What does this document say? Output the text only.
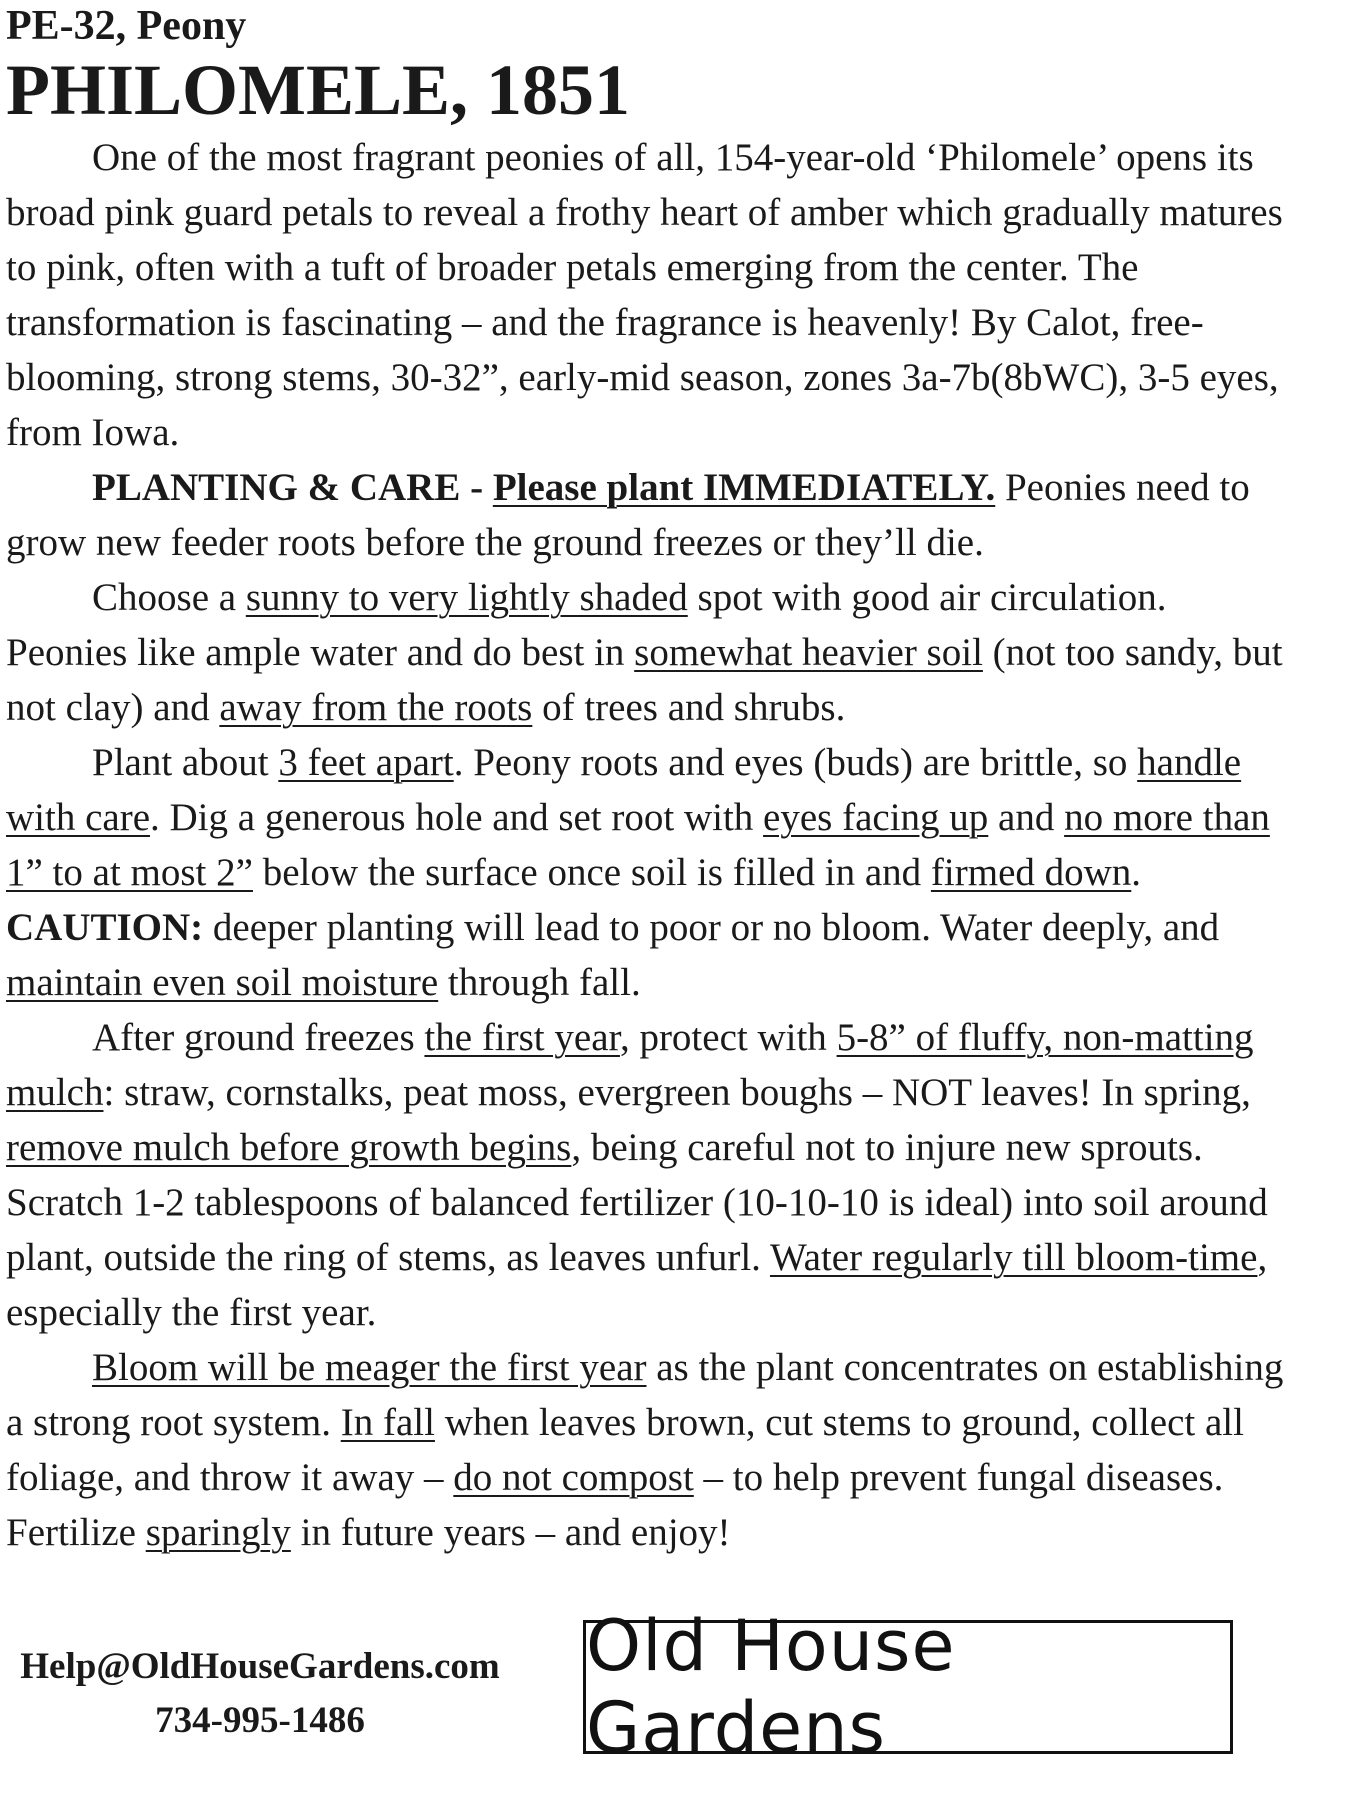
PE-32, Peony
PHILOMELE, 1851

One of the most fragrant peonies of all, 154-year-old ‘Philomele’ opens its broad pink guard petals to reveal a frothy heart of amber which gradually matures to pink, often with a tuft of broader petals emerging from the center. The transformation is fascinating – and the fragrance is heavenly! By Calot, free-blooming, strong stems, 30-32”, early-mid season, zones 3a-7b(8bWC), 3-5 eyes, from Iowa.

PLANTING & CARE - Please plant IMMEDIATELY. Peonies need to grow new feeder roots before the ground freezes or they’ll die.

Choose a sunny to very lightly shaded spot with good air circulation. Peonies like ample water and do best in somewhat heavier soil (not too sandy, but not clay) and away from the roots of trees and shrubs.

Plant about 3 feet apart. Peony roots and eyes (buds) are brittle, so handle with care. Dig a generous hole and set root with eyes facing up and no more than 1” to at most 2” below the surface once soil is filled in and firmed down. CAUTION: deeper planting will lead to poor or no bloom. Water deeply, and maintain even soil moisture through fall.

After ground freezes the first year, protect with 5-8” of fluffy, non-matting mulch: straw, cornstalks, peat moss, evergreen boughs – NOT leaves! In spring, remove mulch before growth begins, being careful not to injure new sprouts. Scratch 1-2 tablespoons of balanced fertilizer (10-10-10 is ideal) into soil around plant, outside the ring of stems, as leaves unfurl. Water regularly till bloom-time, especially the first year.

Bloom will be meager the first year as the plant concentrates on establishing a strong root system. In fall when leaves brown, cut stems to ground, collect all foliage, and throw it away – do not compost – to help prevent fungal diseases. Fertilize sparingly in future years – and enjoy!

Help@OldHouseGardens.com
734-995-1486
Old House Gardens
